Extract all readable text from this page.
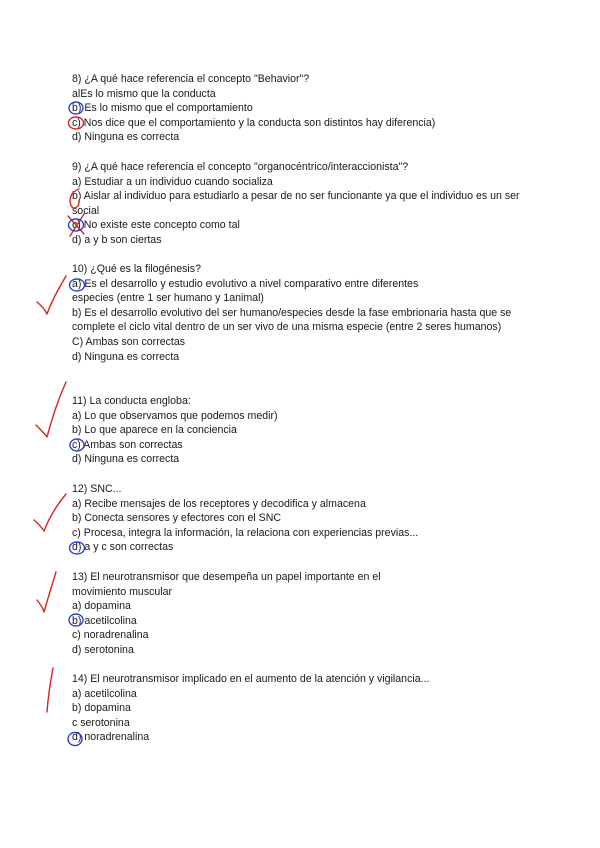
8) ¿A qué hace referencia el concepto "Behavior"?
alEs lo mismo que la conducta
b) Es lo mismo que el comportamiento
c) Nos dice que el comportamiento y la conducta son distintos hay diferencia)
d) Ninguna es correcta
9) ¿A qué hace referencia el concepto "organocéntrico/interaccionista"?
a) Estudiar a un individuo cuando socializa
b) Aislar al individuo para estudiarlo a pesar de no ser funcionante ya que el individuo es un ser social
c) No existe este concepto como tal
d) a y b son ciertas
10) ¿Qué es la filogénesis?
a) Es el desarrollo y estudio evolutivo a nivel comparativo entre diferentes especies (entre 1 ser humano y 1animal)
b) Es el desarrollo evolutivo del ser humano/especies desde la fase embrionaria hasta que se complete el ciclo vital dentro de un ser vivo de una misma especie (entre 2 seres humanos)
C) Ambas son correctas
d) Ninguna es correcta
11) La conducta engloba:
a) Lo que observamos que podemos medir)
b) Lo que aparece en la conciencia
c) Ambas son correctas
d) Ninguna es correcta
12) SNC...
a) Recibe mensajes de los receptores y decodifica y almacena
b) Conecta sensores y efectores con el SNC
c) Procesa, integra la información, la relaciona con experiencias previas...
d) a y c son correctas
13) El neurotransmisor que desempeña un papel importante en el movimiento muscular
a) dopamina
b) acetilcolina
c) noradrenalina
d) serotonina
14) El neurotransmisor implicado en el aumento de la atención y vigilancia...
a) acetilcolina
b) dopamina
c serotonina
d) noradrenalina
